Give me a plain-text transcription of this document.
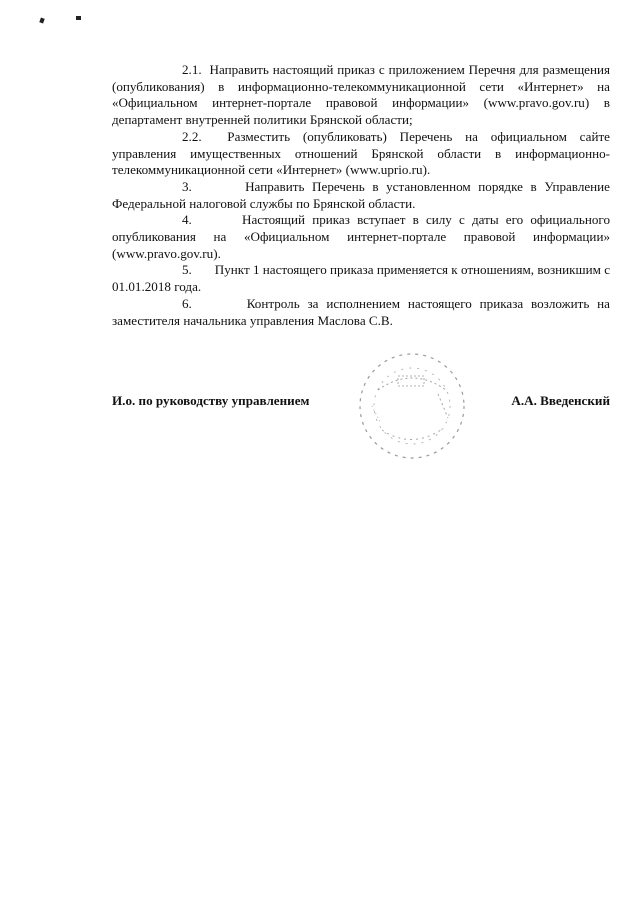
2.1. Направить настоящий приказ с приложением Перечня для размещения (опубликования) в информационно-телекоммуникационной сети «Интернет» на «Официальном интернет-портале правовой информации» (www.pravo.gov.ru) в департамент внутренней политики Брянской области;

2.2. Разместить (опубликовать) Перечень на официальном сайте управления имущественных отношений Брянской области в информационно-телекоммуникационной сети «Интернет» (www.uprio.ru).

3.	Направить Перечень в установленном порядке в Управление Федеральной налоговой службы по Брянской области.

4.	Настоящий приказ вступает в силу с даты его официального опубликования на «Официальном интернет-портале правовой информации» (www.pravo.gov.ru).

5. Пункт 1 настоящего приказа применяется к отношениям, возникшим с 01.01.2018 года.

6.	Контроль за исполнением настоящего приказа возложить на заместителя начальника управления Маслова С.В.

И.о. по руководству управлением	А.А. Введенский
